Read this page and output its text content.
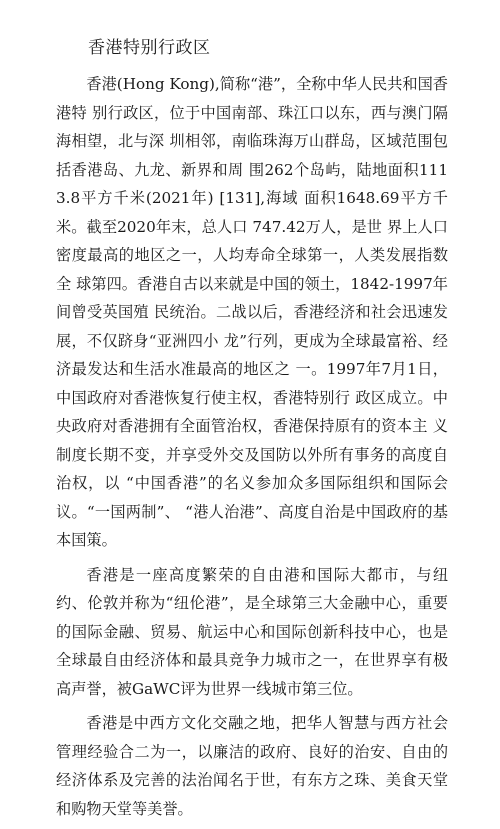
香港特别行政区

香港(Hong Kong),简称“港”，全称中华人民共和国香港特 别行政区，位于中国南部、珠江口以东，西与澳门隔海相望，北与深 圳相邻，南临珠海万山群岛，区域范围包括香港岛、九龙、新界和周 围262个岛屿，陆地面积1113.8平方千米(2021年) [131],海域 面积1648.69平方千米。截至2020年末，总人口 747.42万人，是世 界上人口密度最高的地区之一，人均寿命全球第一，人类发展指数全 球第四。香港自古以来就是中国的领土，1842-1997年间曾受英国殖 民统治。二战以后，香港经济和社会迅速发展，不仅跻身“亚洲四小 龙”行列，更成为全球最富裕、经济最发达和生活水准最高的地区之 一。1997年7月1日，中国政府对香港恢复行使主权，香港特别行 政区成立。中央政府对香港拥有全面管治权，香港保持原有的资本主 义制度长期不变，并享受外交及国防以外所有事务的高度自治权，以 “中国香港”的名义参加众多国际组织和国际会议。“一国两制”、 “港人治港”、高度自治是中国政府的基本国策。

香港是一座高度繁荣的自由港和国际大都市，与纽约、伦敦并称为“纽伦港”，是全球第三大金融中心，重要的国际金融、贸易、航运中心和国际创新科技中心，也是全球最自由经济体和最具竞争力城市之一，在世界享有极高声誉，被GaWC评为世界一线城市第三位。

香港是中西方文化交融之地，把华人智慧与西方社会管理经验合二为一，以廉洁的政府、良好的治安、自由的经济体系及完善的法治闻名于世，有东方之珠、美食天堂和购物天堂等美誉。
